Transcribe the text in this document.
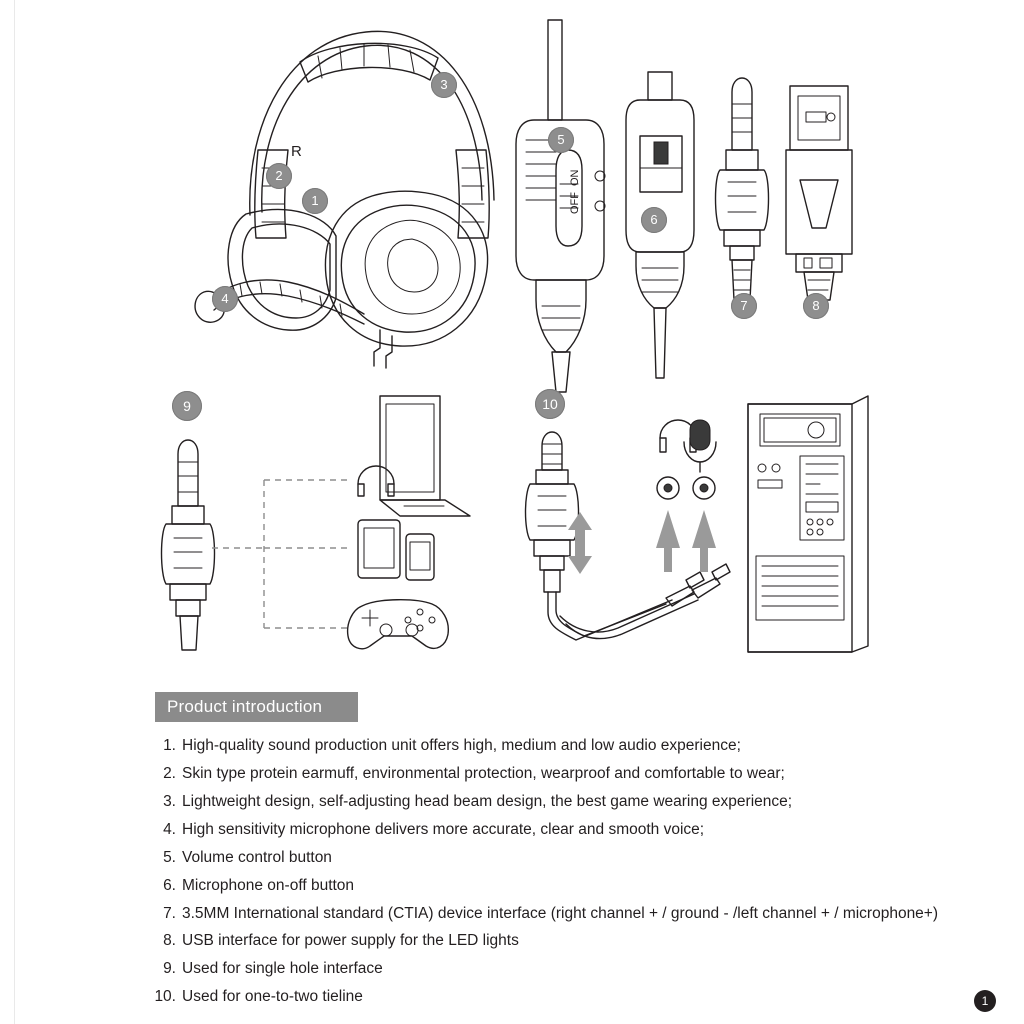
R
ON
OFF
1
2
3
4
5
6
7	8
9	10
Product introduction
1. High-quality sound production unit offers high, medium and low audio experience;
2. Skin type protein earmuff, environmental protection, wearproof and comfortable to wear;
3. Lightweight design, self-adjusting head beam design, the best game wearing experience;
4. High sensitivity microphone delivers more accurate, clear and smooth voice;
5. Volume control button
6. Microphone on-off button
7. 3.5MM International standard (CTIA) device interface (right channel + / ground - /left channel + / microphone+)
8. USB interface for power supply for the LED lights
9. Used for single hole interface
10. Used for one-to-two tieline	1
